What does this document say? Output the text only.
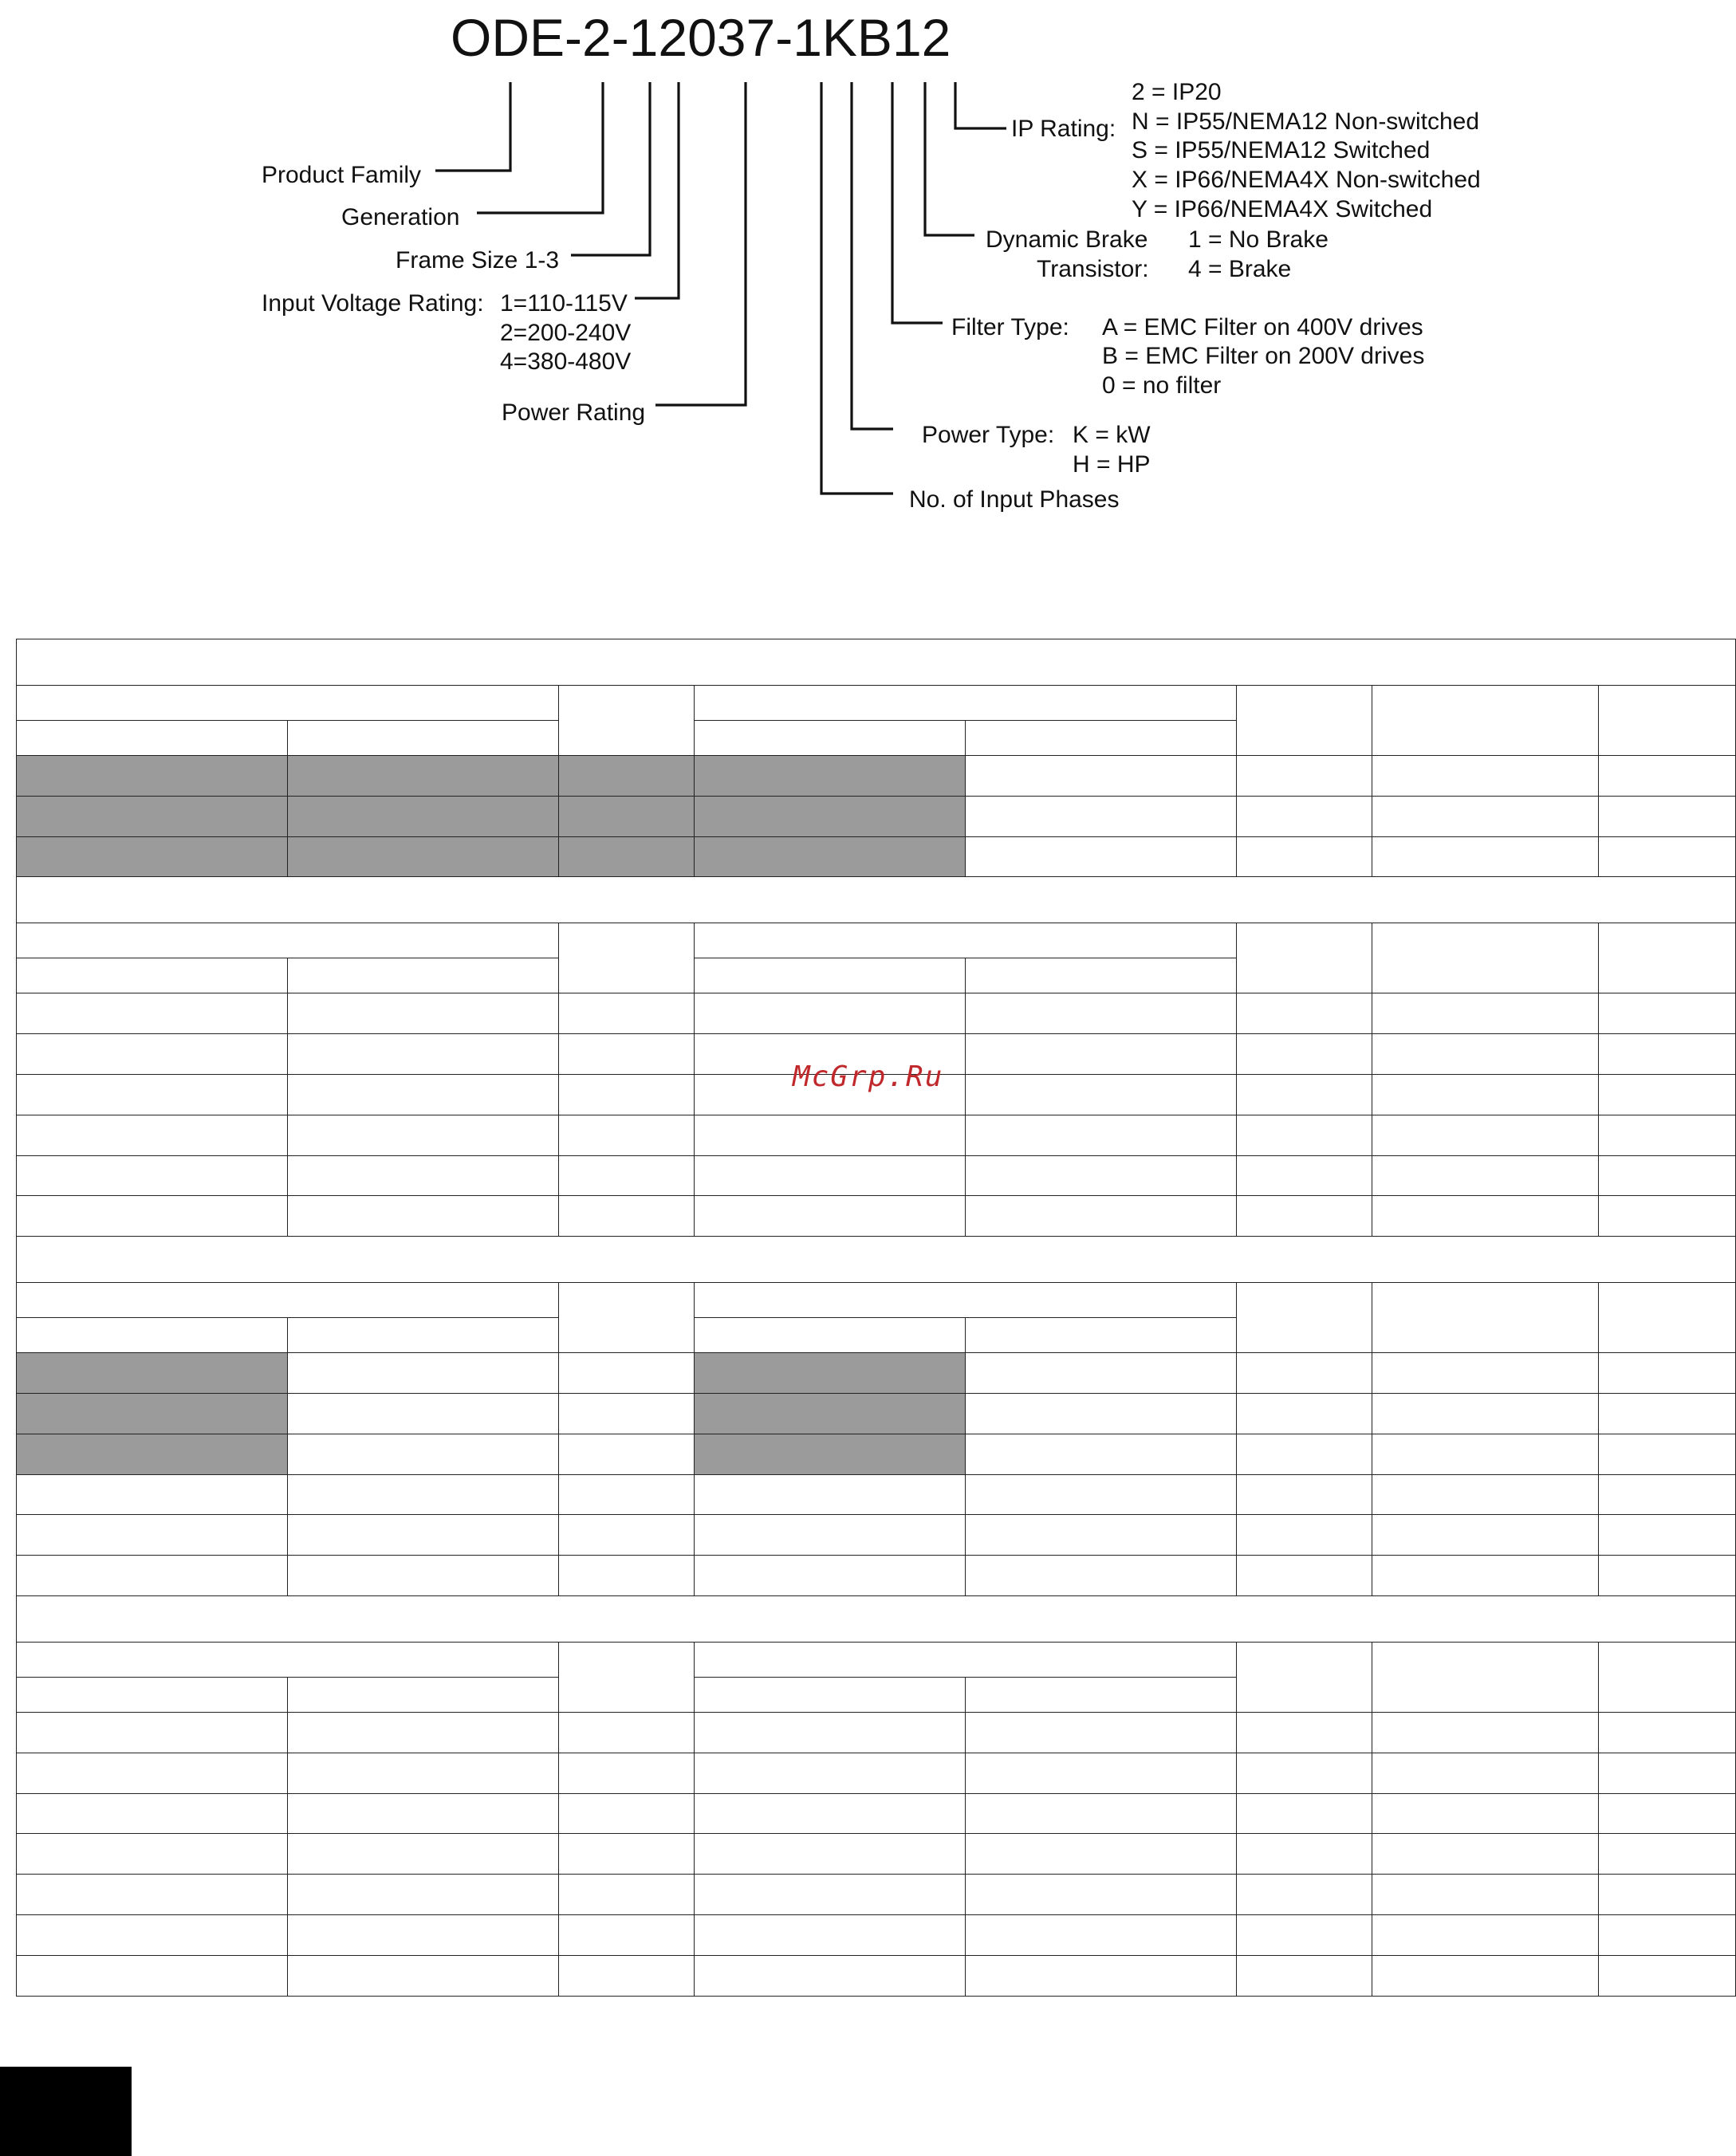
ODE-2-12037-1KB12
Product Family
Generation
Frame Size 1-3
Input Voltage Rating: 1=110-115V
2=200-240V
4=380-480V
Power Rating
IP Rating:
2 = IP20
N = IP55/NEMA12 Non-switched
S = IP55/NEMA12 Switched
X = IP66/NEMA4X Non-switched
Y = IP66/NEMA4X Switched
Dynamic Brake
Transistor:
1 = No Brake
4 = Brake
Filter Type: A = EMC Filter on 400V drives
B = EMC Filter on 200V drives
0 = no filter
Power Type: K = kW
H = HP
No. of Input Phases

McGrp.Ru
